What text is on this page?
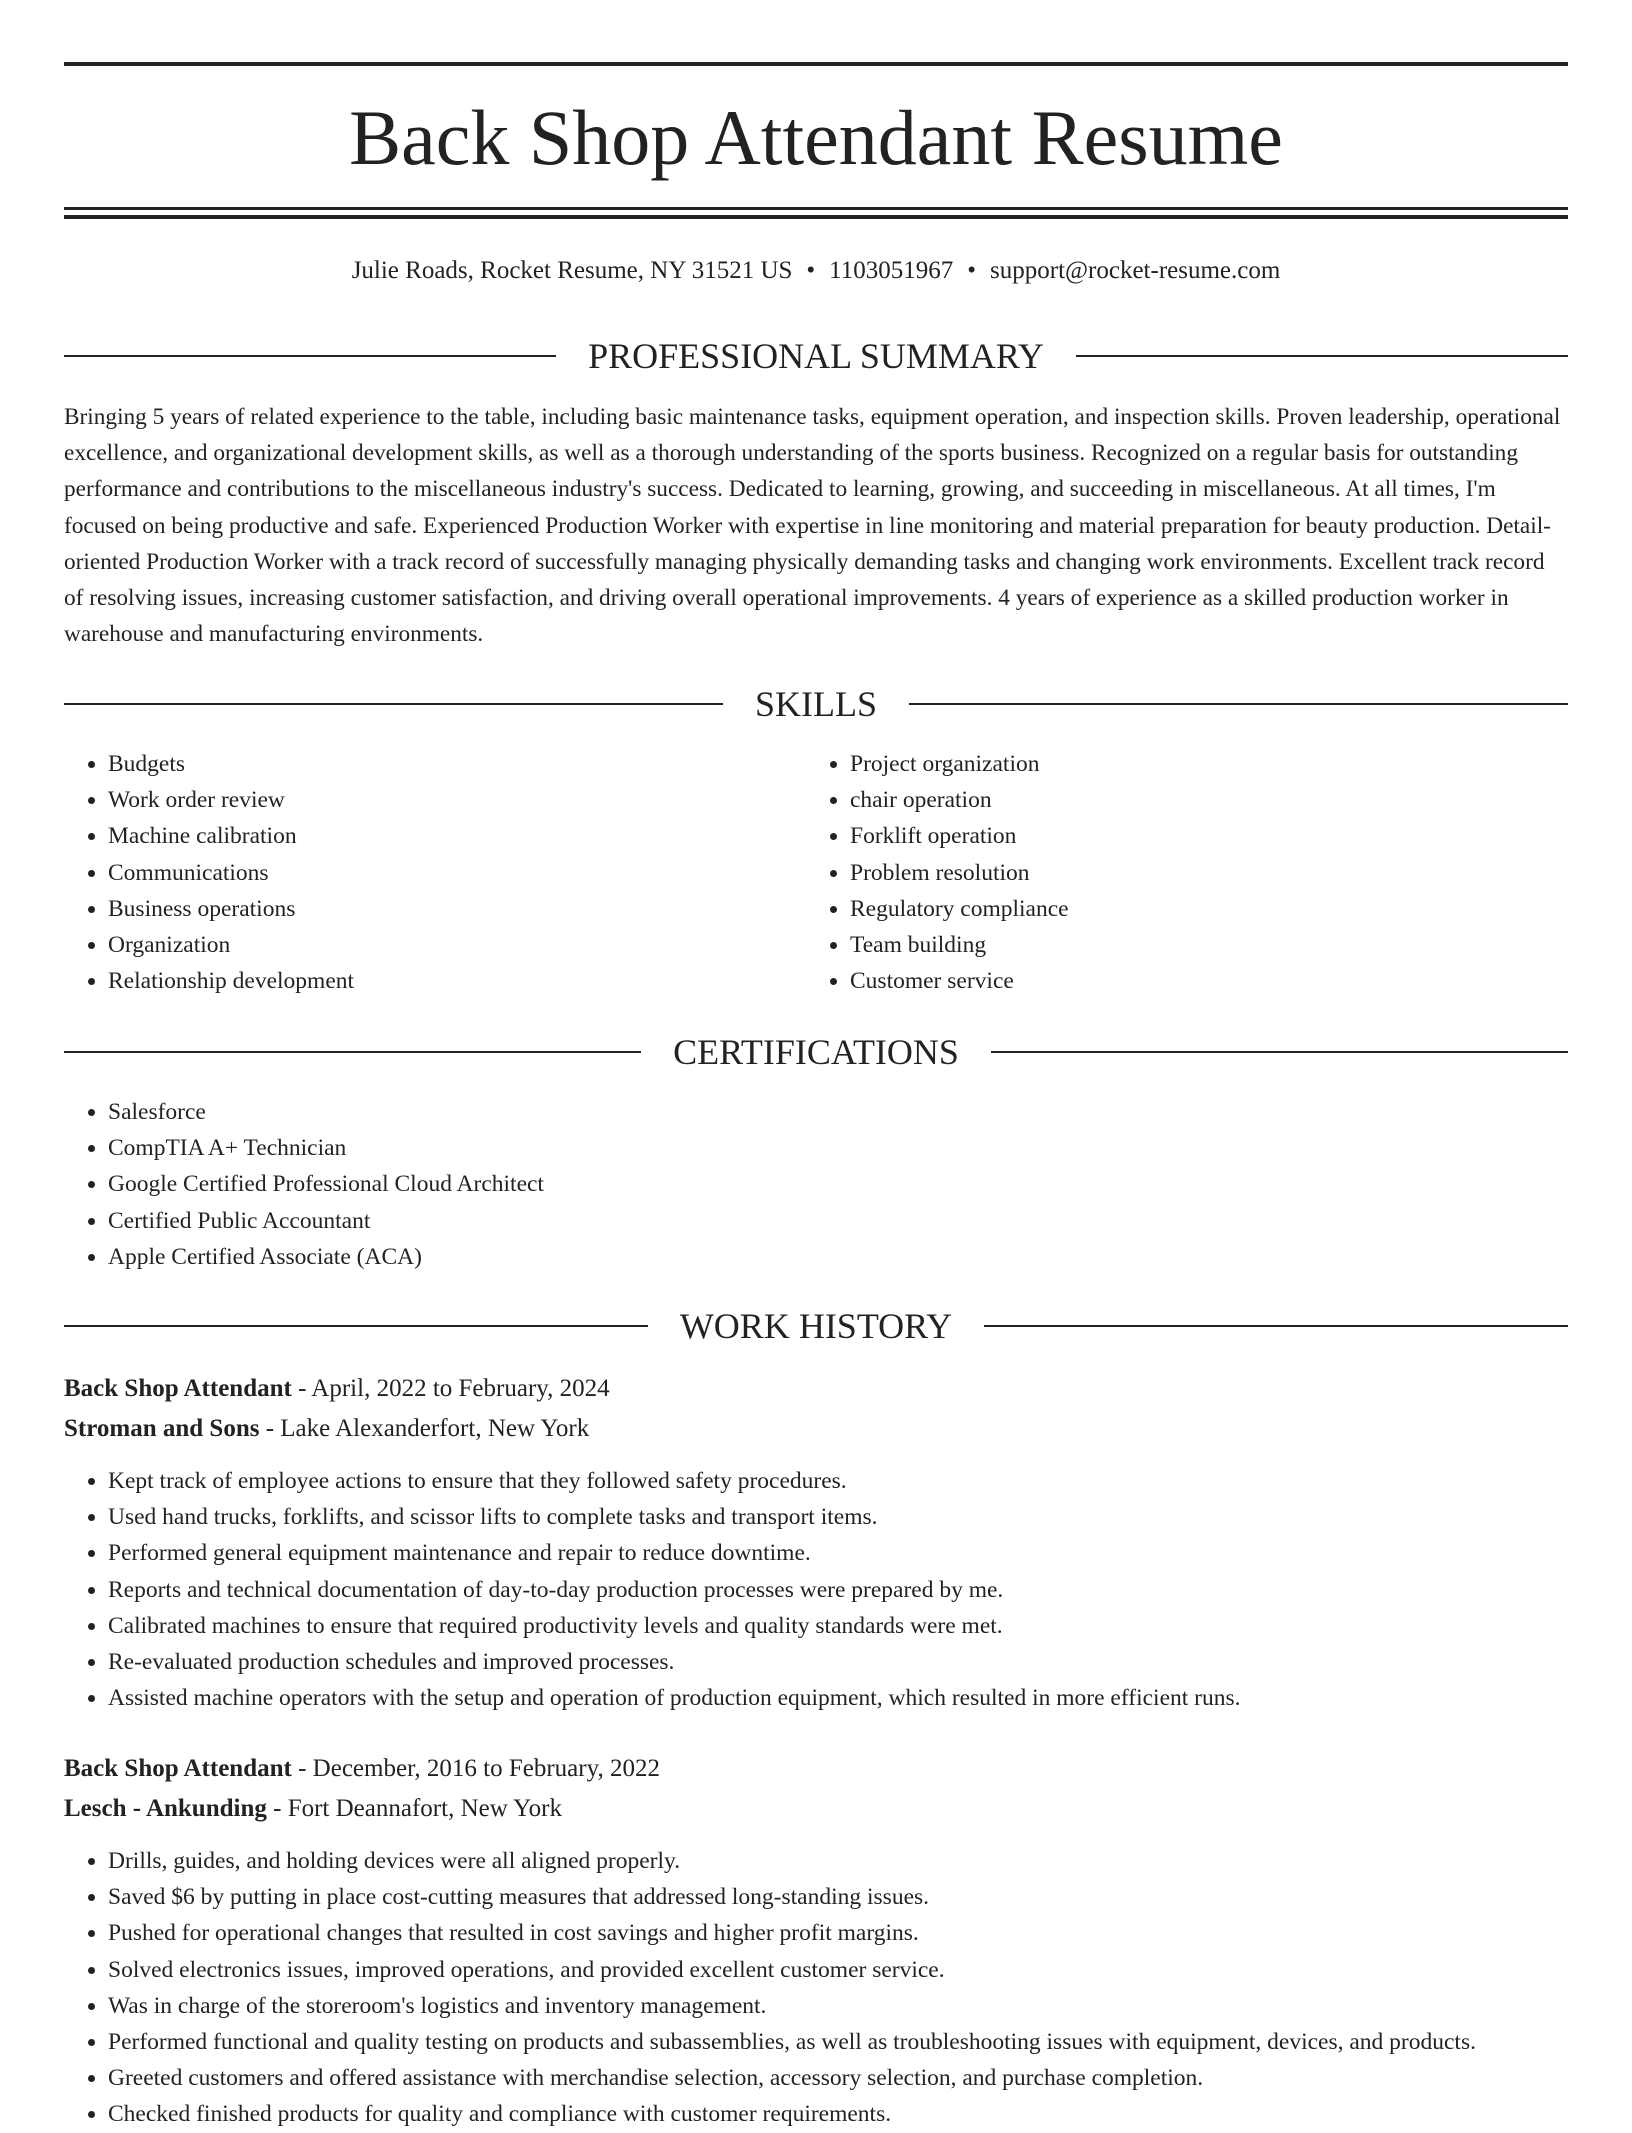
Back Shop Attendant Resume
Julie Roads, Rocket Resume, NY 31521 US • 1103051967 • support@rocket-resume.com
PROFESSIONAL SUMMARY

Bringing 5 years of related experience to the table, including basic maintenance tasks, equipment operation, and inspection skills. Proven leadership, operational excellence, and organizational development skills, as well as a thorough understanding of the sports business. Recognized on a regular basis for outstanding performance and contributions to the miscellaneous industry's success. Dedicated to learning, growing, and succeeding in miscellaneous. At all times, I'm focused on being productive and safe. Experienced Production Worker with expertise in line monitoring and material preparation for beauty production. Detail-oriented Production Worker with a track record of successfully managing physically demanding tasks and changing work environments. Excellent track record of resolving issues, increasing customer satisfaction, and driving overall operational improvements. 4 years of experience as a skilled production worker in warehouse and manufacturing environments.

SKILLS
• Budgets
• Work order review
• Machine calibration
• Communications
• Business operations
• Organization
• Relationship development
• Project organization
• chair operation
• Forklift operation
• Problem resolution
• Regulatory compliance
• Team building
• Customer service
CERTIFICATIONS
• Salesforce
• CompTIA A+ Technician
• Google Certified Professional Cloud Architect
• Certified Public Accountant
• Apple Certified Associate (ACA)
WORK HISTORY
Back Shop Attendant - April, 2022 to February, 2024
Stroman and Sons - Lake Alexanderfort, New York
• Kept track of employee actions to ensure that they followed safety procedures.
• Used hand trucks, forklifts, and scissor lifts to complete tasks and transport items.
• Performed general equipment maintenance and repair to reduce downtime.
• Reports and technical documentation of day-to-day production processes were prepared by me.
• Calibrated machines to ensure that required productivity levels and quality standards were met.
• Re-evaluated production schedules and improved processes.
• Assisted machine operators with the setup and operation of production equipment, which resulted in more efficient runs.
Back Shop Attendant - December, 2016 to February, 2022
Lesch - Ankunding - Fort Deannafort, New York
• Drills, guides, and holding devices were all aligned properly.
• Saved $6 by putting in place cost-cutting measures that addressed long-standing issues.
• Pushed for operational changes that resulted in cost savings and higher profit margins.
• Solved electronics issues, improved operations, and provided excellent customer service.
• Was in charge of the storeroom's logistics and inventory management.
• Performed functional and quality testing on products and subassemblies, as well as troubleshooting issues with equipment, devices, and products.
• Greeted customers and offered assistance with merchandise selection, accessory selection, and purchase completion.
• Checked finished products for quality and compliance with customer requirements.
